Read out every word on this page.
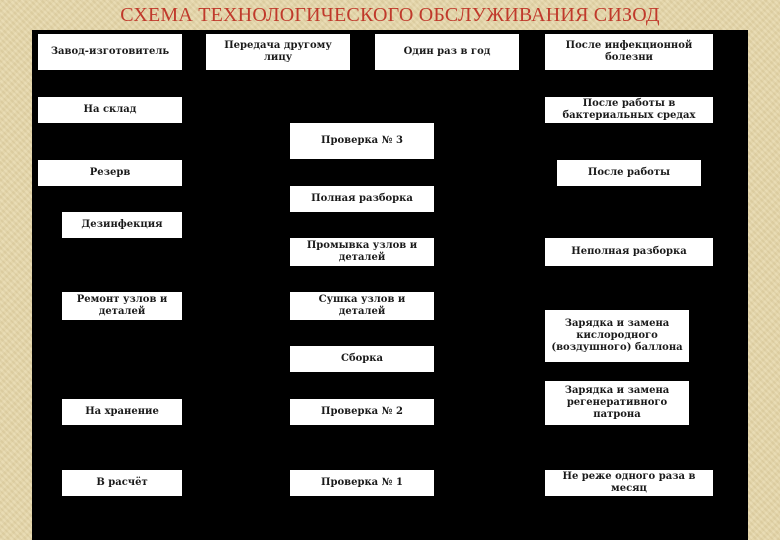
СХЕМА ТЕХНОЛОГИЧЕСКОГО ОБСЛУЖИВАНИЯ СИЗОД
Завод-изготовитель
На склад
Резерв
Дезинфекция
Ремонт узлов и деталей
На хранение
В расчёт
Передача другому лицу
Проверка № 3
Полная разборка
Промывка узлов и деталей
Сушка узлов и деталей
Сборка
Проверка № 2
Проверка № 1
Один раз в год
После инфекционной болезни
После работы в бактериальных средах
После работы
Неполная разборка
Зарядка и замена кислородного (воздушного) баллона
Зарядка и замена регенеративного патрона
Не реже одного раза в месяц
